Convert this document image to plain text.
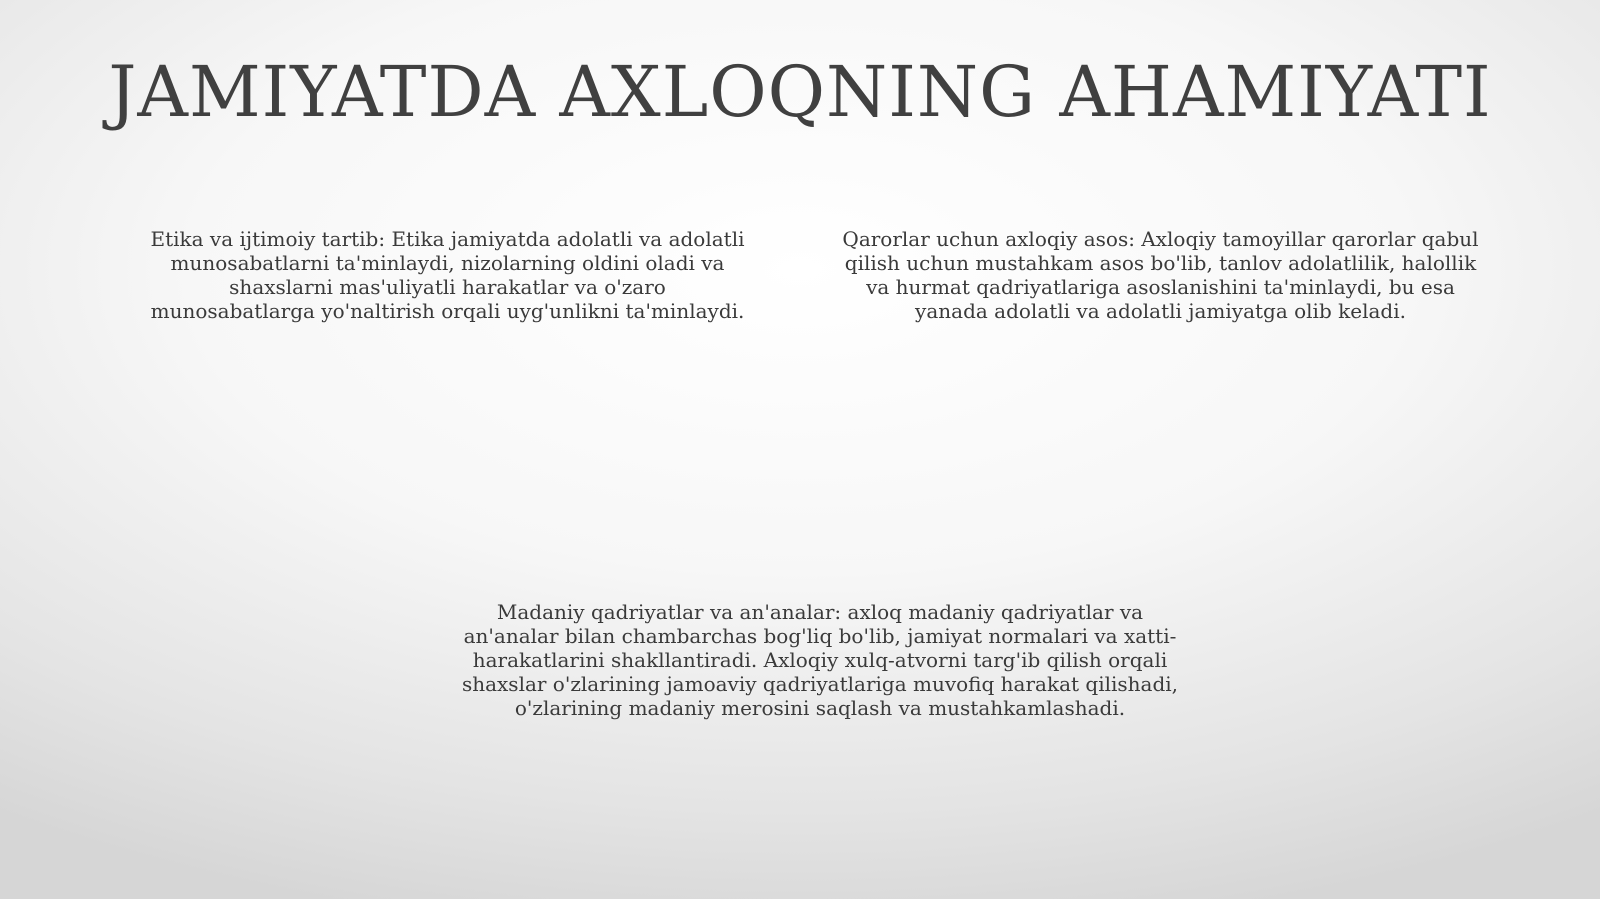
JAMIYATDA AXLOQNING AHAMIYATI

Etika va ijtimoiy tartib: Etika jamiyatda adolatli va adolatli munosabatlarni ta'minlaydi, nizolarning oldini oladi va shaxslarni mas'uliyatli harakatlar va o'zaro munosabatlarga yo'naltirish orqali uyg'unlikni ta'minlaydi.

Qarorlar uchun axloqiy asos: Axloqiy tamoyillar qarorlar qabul qilish uchun mustahkam asos bo'lib, tanlov adolatlilik, halollik va hurmat qadriyatlariga asoslanishini ta'minlaydi, bu esa yanada adolatli va adolatli jamiyatga olib keladi.

Madaniy qadriyatlar va an'analar: axloq madaniy qadriyatlar va an'analar bilan chambarchas bog'liq bo'lib, jamiyat normalari va xatti-harakatlarini shakllantiradi. Axloqiy xulq-atvorni targ'ib qilish orqali shaxslar o'zlarining jamoaviy qadriyatlariga muvofiq harakat qilishadi, o'zlarining madaniy merosini saqlash va mustahkamlashadi.
